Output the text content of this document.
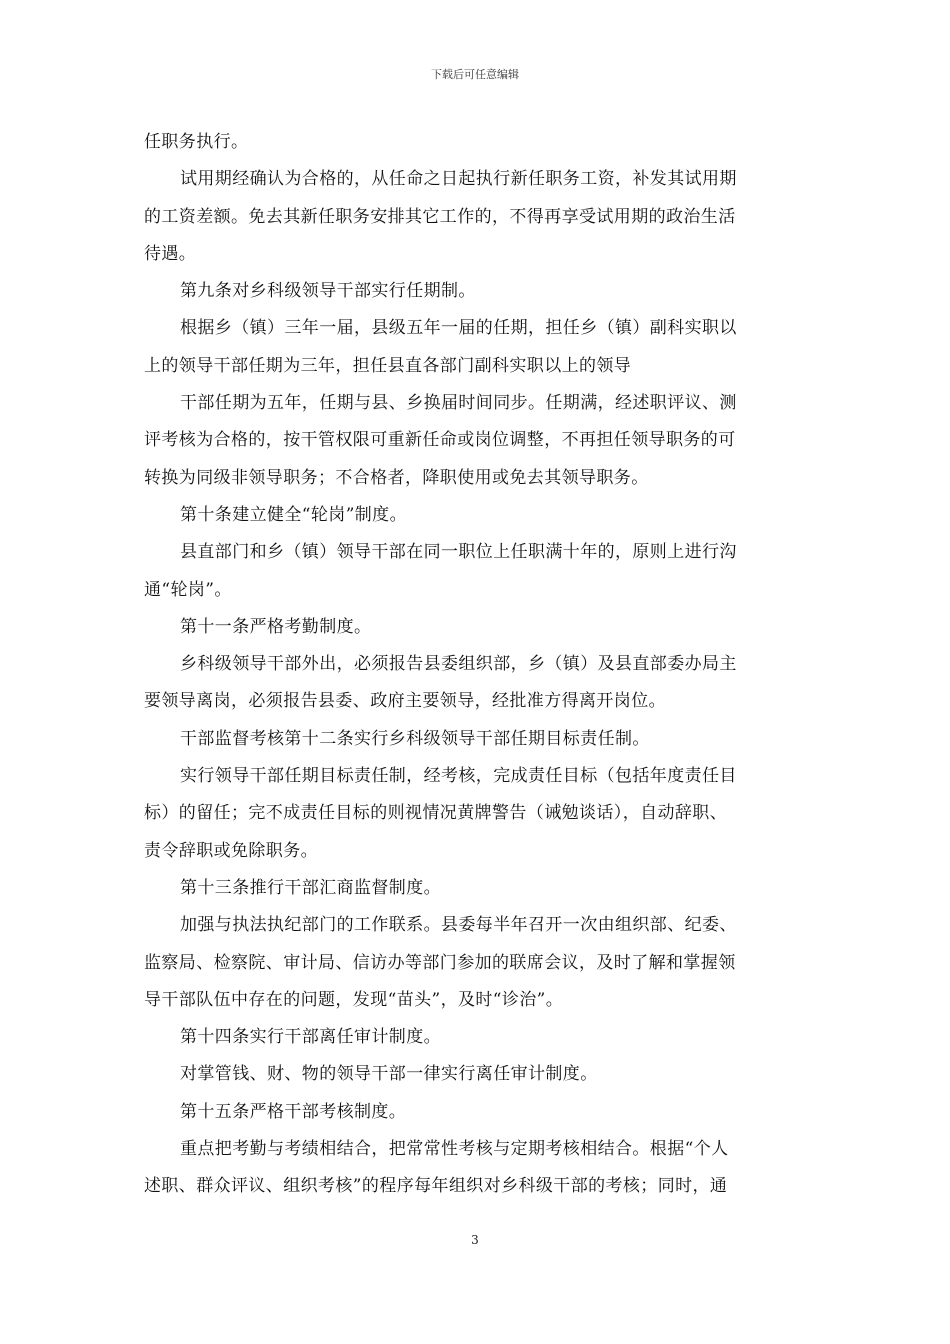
下载后可任意编辑
任职务执行。
试用期经确认为合格的，从任命之日起执行新任职务工资，补发其试用期
的工资差额。免去其新任职务安排其它工作的，不得再享受试用期的政治生活
待遇。
第九条对乡科级领导干部实行任期制。
根据乡（镇）三年一届，县级五年一届的任期，担任乡（镇）副科实职以
上的领导干部任期为三年，担任县直各部门副科实职以上的领导
干部任期为五年，任期与县、乡换届时间同步。任期满，经述职评议、测
评考核为合格的，按干管权限可重新任命或岗位调整，不再担任领导职务的可
转换为同级非领导职务；不合格者，降职使用或免去其领导职务。
第十条建立健全“轮岗”制度。
县直部门和乡（镇）领导干部在同一职位上任职满十年的，原则上进行沟
通“轮岗”。
第十一条严格考勤制度。
乡科级领导干部外出，必须报告县委组织部，乡（镇）及县直部委办局主
要领导离岗，必须报告县委、政府主要领导，经批准方得离开岗位。
干部监督考核第十二条实行乡科级领导干部任期目标责任制。
实行领导干部任期目标责任制，经考核，完成责任目标（包括年度责任目
标）的留任；完不成责任目标的则视情况黄牌警告（诫勉谈话），自动辞职、
责令辞职或免除职务。
第十三条推行干部汇商监督制度。
加强与执法执纪部门的工作联系。县委每半年召开一次由组织部、纪委、
监察局、检察院、审计局、信访办等部门参加的联席会议，及时了解和掌握领
导干部队伍中存在的问题，发现“苗头”，及时“诊治”。
第十四条实行干部离任审计制度。
对掌管钱、财、物的领导干部一律实行离任审计制度。
第十五条严格干部考核制度。
重点把考勤与考绩相结合，把常常性考核与定期考核相结合。根据“个人
述职、群众评议、组织考核”的程序每年组织对乡科级干部的考核；同时，通
3
